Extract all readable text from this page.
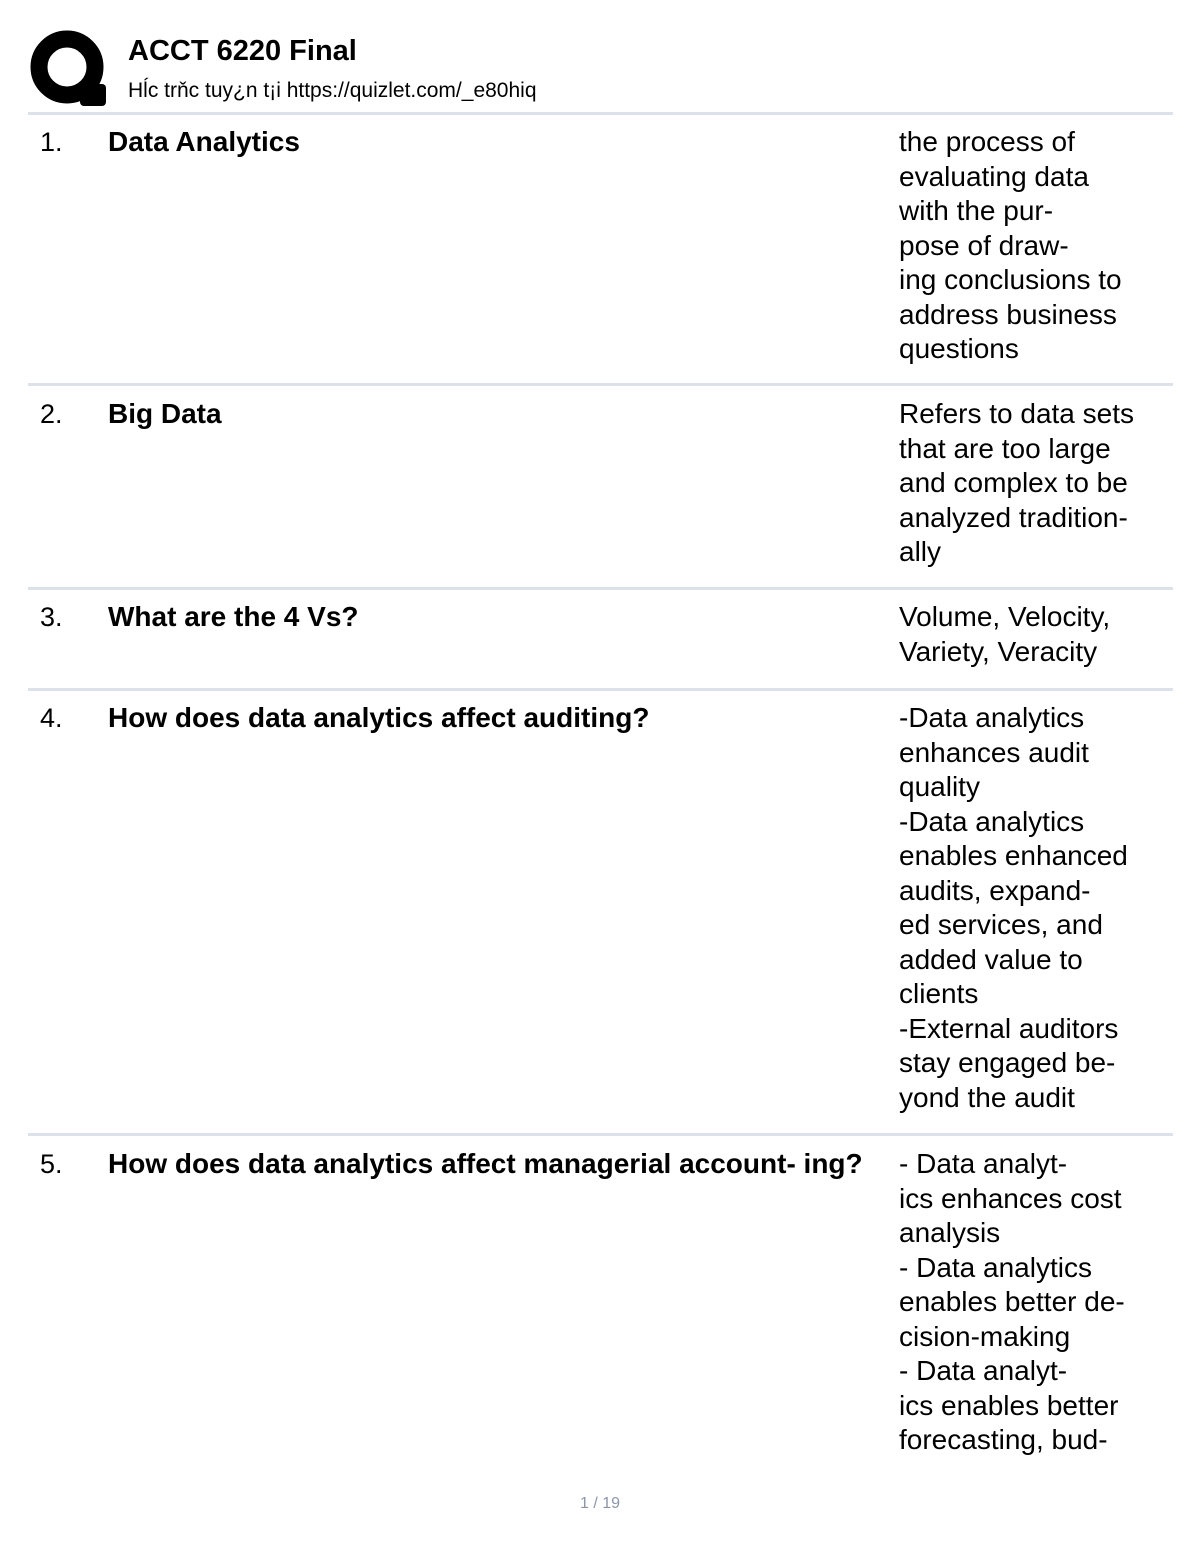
ACCT 6220 Final
Hĺc trňc tuy¿n t¡i https://quizlet.com/_e80hiq
1. Data Analytics	the process of
evaluating data
with the pur-
pose of draw-
ing conclusions to
address business
questions
2. Big Data	Refers to data sets
that are too large
and complex to be
analyzed tradition-
ally
3. What are the 4 Vs?	Volume, Velocity,
Variety, Veracity
4. How does data analytics affect auditing?	-Data analytics
enhances audit
quality
-Data analytics
enables enhanced
audits, expand-
ed services, and
added value to
clients
-External auditors
stay engaged be-
yond the audit
5. How does data analytics affect managerial account- ing?	- Data analyt-
ics enhances cost
analysis
- Data analytics
enables better de-
cision-making
- Data analyt-
ics enables better
forecasting, bud-
1 / 19
